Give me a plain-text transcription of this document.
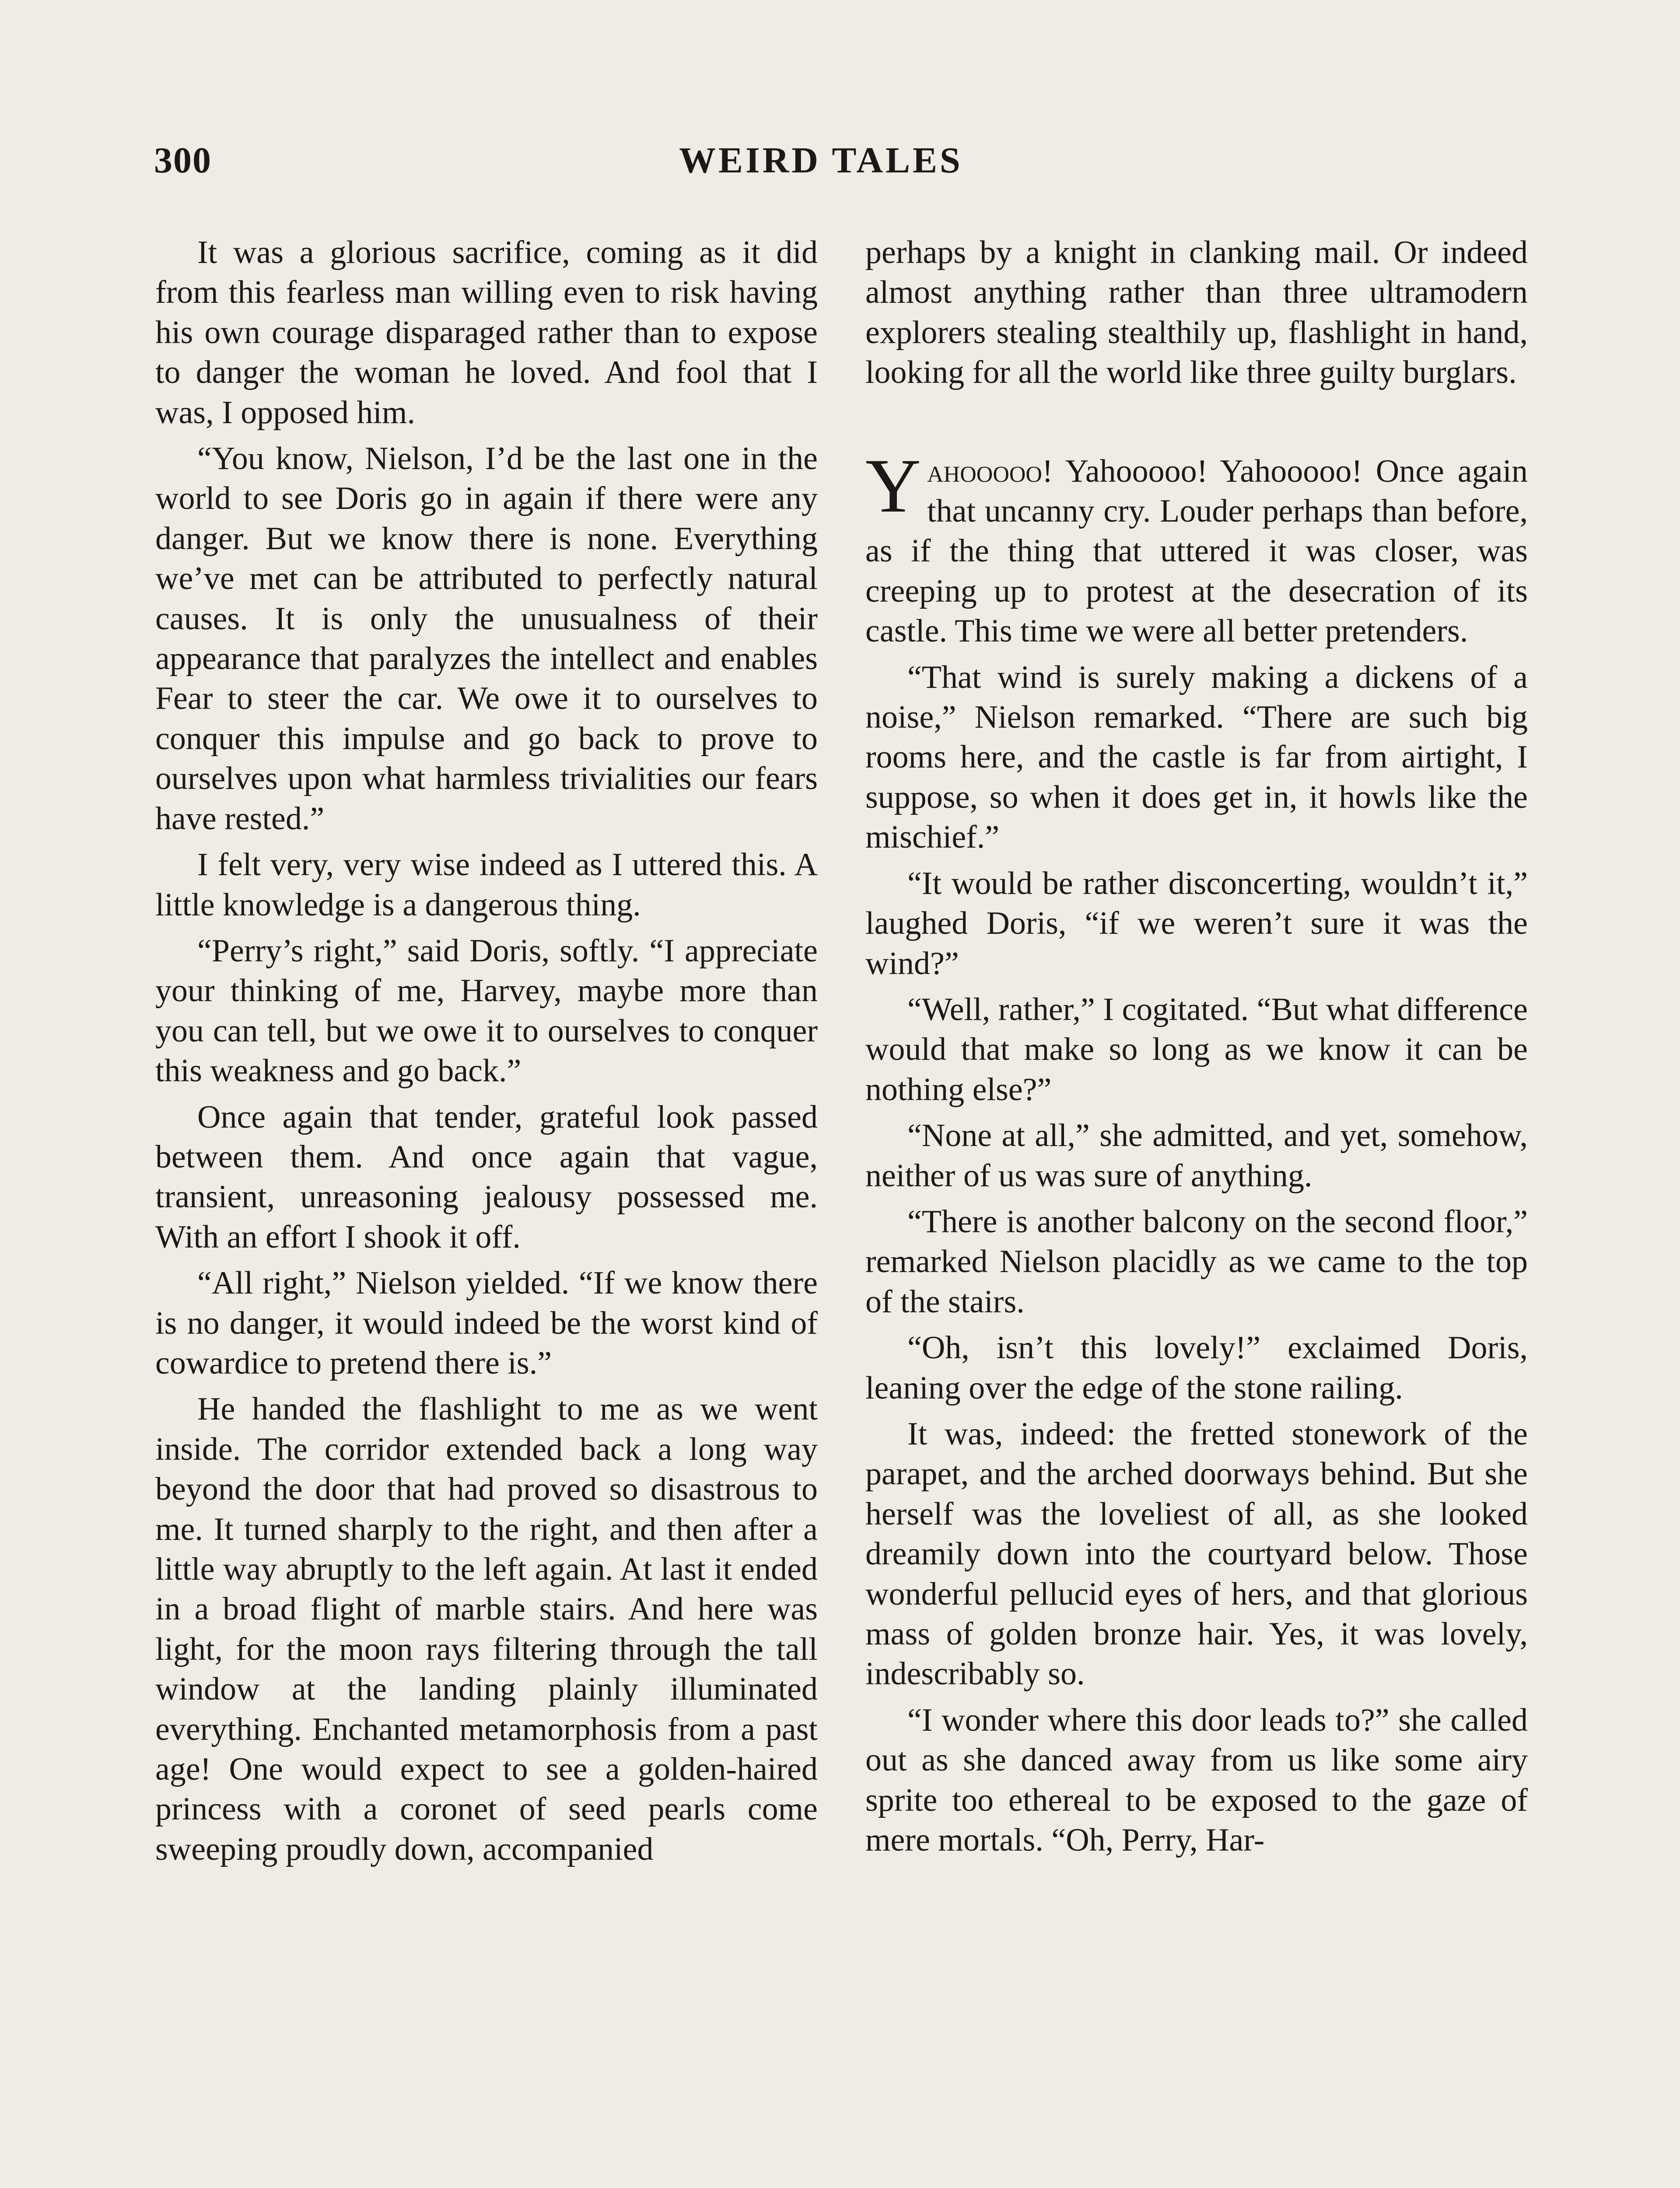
300	WEIRD TALES

It was a glorious sacrifice, coming as it did from this fearless man willing even to risk having his own courage disparaged rather than to expose to danger the woman he loved. And fool that I was, I opposed him.

“You know, Nielson, I’d be the last one in the world to see Doris go in again if there were any danger. But we know there is none. Everything we’ve met can be attributed to perfectly natural causes. It is only the unusualness of their appearance that paralyzes the intellect and enables Fear to steer the car. We owe it to ourselves to conquer this impulse and go back to prove to ourselves upon what harmless trivialities our fears have rested.”

I felt very, very wise indeed as I uttered this. A little knowledge is a dangerous thing.

“Perry’s right,” said Doris, softly. “I appreciate your thinking of me, Harvey, maybe more than you can tell, but we owe it to ourselves to conquer this weakness and go back.”

Once again that tender, grateful look passed between them. And once again that vague, transient, unreasoning jealousy possessed me. With an effort I shook it off.

“All right,” Nielson yielded. “If we know there is no danger, it would indeed be the worst kind of cowardice to pretend there is.”

He handed the flashlight to me as we went inside. The corridor extended back a long way beyond the door that had proved so disastrous to me. It turned sharply to the right, and then after a little way abruptly to the left again. At last it ended in a broad flight of marble stairs. And here was light, for the moon rays filtering through the tall window at the landing plainly illuminated everything. Enchanted metamorphosis from a past age! One would expect to see a golden-haired princess with a coronet of seed pearls come sweeping proudly down, accompanied

perhaps by a knight in clanking mail. Or indeed almost anything rather than three ultramodern explorers stealing stealthily up, flashlight in hand, looking for all the world like three guilty burglars.

Yahooooo! Yahooooo! Yahooooo! Once again that uncanny cry. Louder perhaps than before, as if the thing that uttered it was closer, was creeping up to protest at the desecration of its castle. This time we were all better pretenders.

“That wind is surely making a dickens of a noise,” Nielson remarked. “There are such big rooms here, and the castle is far from airtight, I suppose, so when it does get in, it howls like the mischief.”

“It would be rather disconcerting, wouldn’t it,” laughed Doris, “if we weren’t sure it was the wind?”

“Well, rather,” I cogitated. “But what difference would that make so long as we know it can be nothing else?”

“None at all,” she admitted, and yet, somehow, neither of us was sure of anything.

“There is another balcony on the second floor,” remarked Nielson placidly as we came to the top of the stairs.

“Oh, isn’t this lovely!” exclaimed Doris, leaning over the edge of the stone railing.

It was, indeed: the fretted stonework of the parapet, and the arched doorways behind. But she herself was the loveliest of all, as she looked dreamily down into the courtyard below. Those wonderful pellucid eyes of hers, and that glorious mass of golden bronze hair. Yes, it was lovely, indescribably so.

“I wonder where this door leads to?” she called out as she danced away from us like some airy sprite too ethereal to be exposed to the gaze of mere mortals. “Oh, Perry, Har-
